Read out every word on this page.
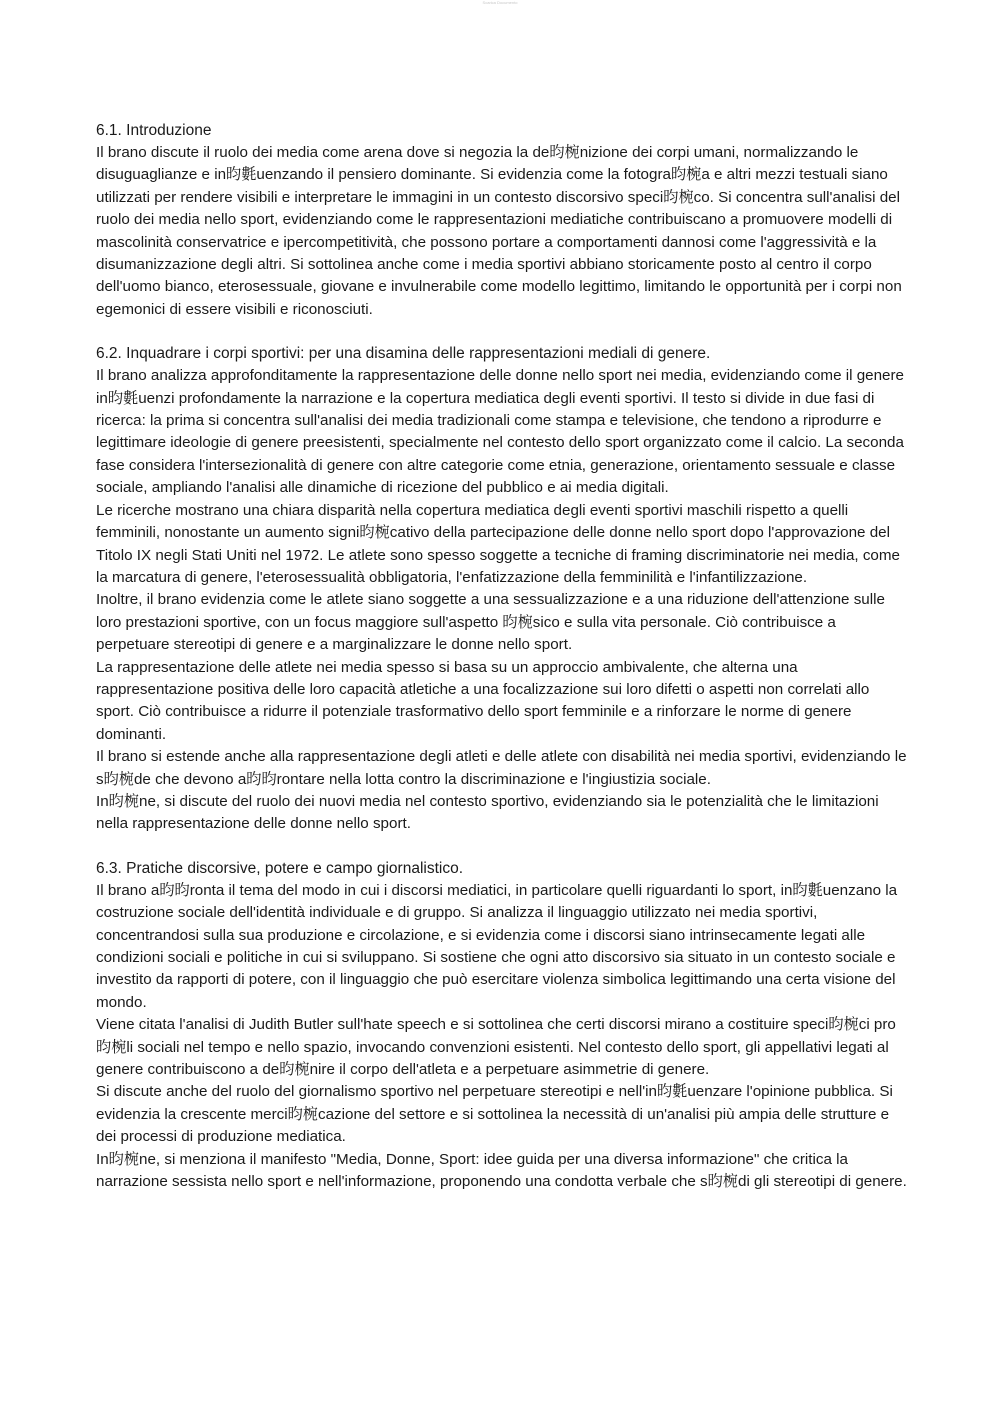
Scarica Documento
6.1. Introduzione

Il brano discute il ruolo dei media come arena dove si negozia la de昀椀nizione dei corpi umani, normalizzando le disuguaglianze e in昀氀uenzando il pensiero dominante. Si evidenzia come la fotogra昀椀a e altri mezzi testuali siano utilizzati per rendere visibili e interpretare le immagini in un contesto discorsivo speci昀椀co. Si concentra sull'analisi del ruolo dei media nello sport, evidenziando come le rappresentazioni mediatiche contribuiscano a promuovere modelli di mascolinità conservatrice e ipercompetitività, che possono portare a comportamenti dannosi come l'aggressività e la disumanizzazione degli altri. Si sottolinea anche come i media sportivi abbiano storicamente posto al centro il corpo dell'uomo bianco, eterosessuale, giovane e invulnerabile come modello legittimo, limitando le opportunità per i corpi non egemonici di essere visibili e riconosciuti.

6.2. Inquadrare i corpi sportivi: per una disamina delle rappresentazioni mediali di genere.

Il brano analizza approfonditamente la rappresentazione delle donne nello sport nei media, evidenziando come il genere in昀氀uenzi profondamente la narrazione e la copertura mediatica degli eventi sportivi. Il testo si divide in due fasi di ricerca: la prima si concentra sull'analisi dei media tradizionali come stampa e televisione, che tendono a riprodurre e legittimare ideologie di genere preesistenti, specialmente nel contesto dello sport organizzato come il calcio. La seconda fase considera l'intersezionalità di genere con altre categorie come etnia, generazione, orientamento sessuale e classe sociale, ampliando l'analisi alle dinamiche di ricezione del pubblico e ai media digitali.

Le ricerche mostrano una chiara disparità nella copertura mediatica degli eventi sportivi maschili rispetto a quelli femminili, nonostante un aumento signi昀椀cativo della partecipazione delle donne nello sport dopo l'approvazione del Titolo IX negli Stati Uniti nel 1972. Le atlete sono spesso soggette a tecniche di framing discriminatorie nei media, come la marcatura di genere, l'eterosessualità obbligatoria, l'enfatizzazione della femminilità e l'infantilizzazione.

Inoltre, il brano evidenzia come le atlete siano soggette a una sessualizzazione e a una riduzione dell'attenzione sulle loro prestazioni sportive, con un focus maggiore sull'aspetto 昀椀sico e sulla vita personale. Ciò contribuisce a perpetuare stereotipi di genere e a marginalizzare le donne nello sport.

La rappresentazione delle atlete nei media spesso si basa su un approccio ambivalente, che alterna una rappresentazione positiva delle loro capacità atletiche a una focalizzazione sui loro difetti o aspetti non correlati allo sport. Ciò contribuisce a ridurre il potenziale trasformativo dello sport femminile e a rinforzare le norme di genere dominanti.

Il brano si estende anche alla rappresentazione degli atleti e delle atlete con disabilità nei media sportivi, evidenziando le s昀椀de che devono a昀昀rontare nella lotta contro la discriminazione e l'ingiustizia sociale.

In昀椀ne, si discute del ruolo dei nuovi media nel contesto sportivo, evidenziando sia le potenzialità che le limitazioni nella rappresentazione delle donne nello sport.

6.3. Pratiche discorsive, potere e campo giornalistico.

Il brano a昀昀ronta il tema del modo in cui i discorsi mediatici, in particolare quelli riguardanti lo sport, in昀氀uenzano la costruzione sociale dell'identità individuale e di gruppo. Si analizza il linguaggio utilizzato nei media sportivi, concentrandosi sulla sua produzione e circolazione, e si evidenzia come i discorsi siano intrinsecamente legati alle condizioni sociali e politiche in cui si sviluppano. Si sostiene che ogni atto discorsivo sia situato in un contesto sociale e investito da rapporti di potere, con il linguaggio che può esercitare violenza simbolica legittimando una certa visione del mondo.

Viene citata l'analisi di Judith Butler sull'hate speech e si sottolinea che certi discorsi mirano a costituire speci昀椀ci pro昀椀li sociali nel tempo e nello spazio, invocando convenzioni esistenti. Nel contesto dello sport, gli appellativi legati al genere contribuiscono a de昀椀nire il corpo dell'atleta e a perpetuare asimmetrie di genere.

Si discute anche del ruolo del giornalismo sportivo nel perpetuare stereotipi e nell'in昀氀uenzare l'opinione pubblica. Si evidenzia la crescente merci昀椀cazione del settore e si sottolinea la necessità di un'analisi più ampia delle strutture e dei processi di produzione mediatica.

In昀椀ne, si menziona il manifesto "Media, Donne, Sport: idee guida per una diversa informazione" che critica la narrazione sessista nello sport e nell'informazione, proponendo una condotta verbale che s昀椀di gli stereotipi di genere.
